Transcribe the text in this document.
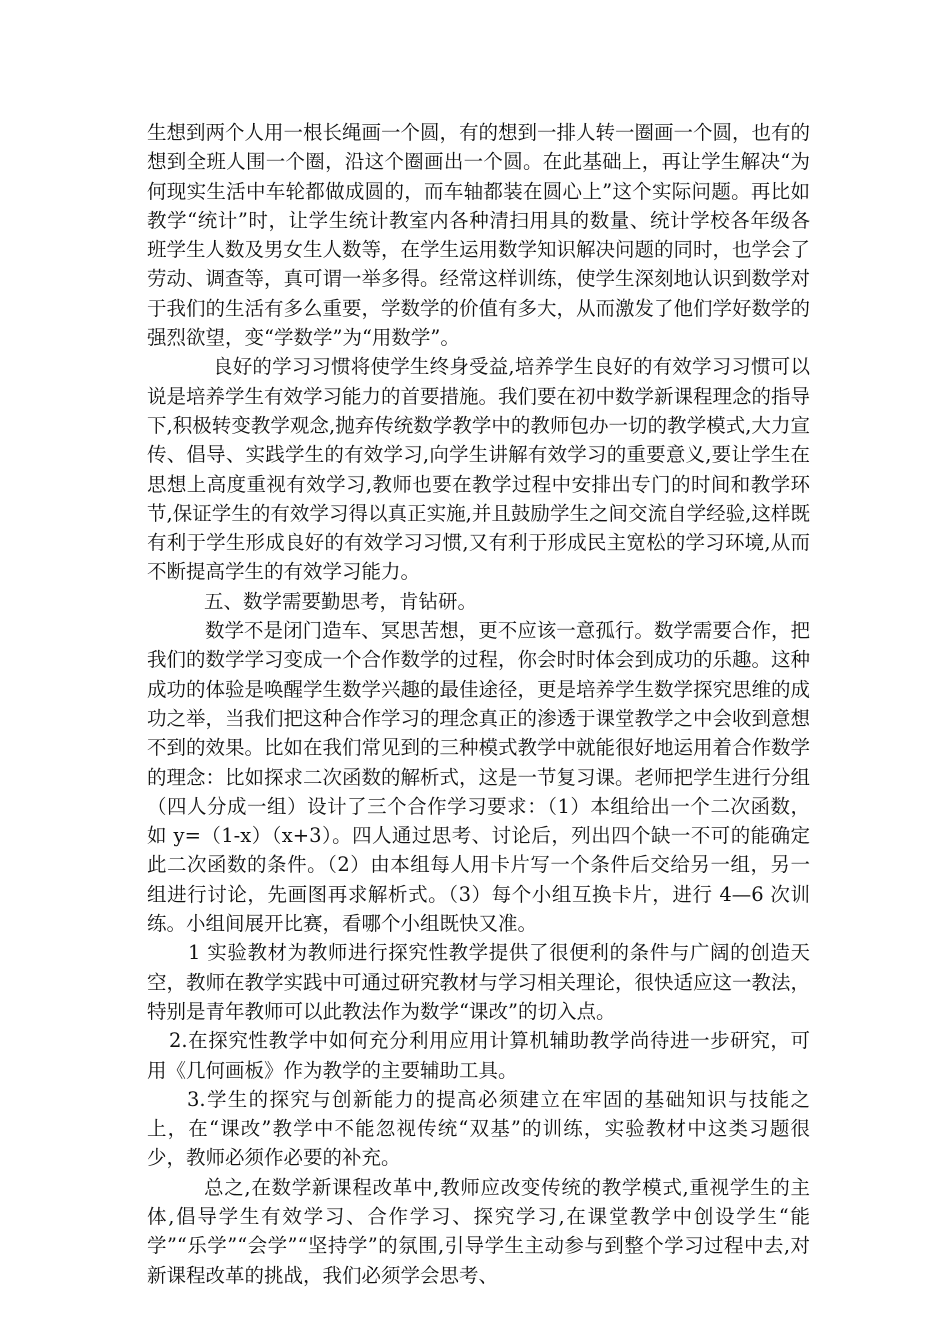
生想到两个人用一根长绳画一个圆，有的想到一排人转一圈画一个圆，也有的想到全班人围一个圈，沿这个圈画出一个圆。在此基础上，再让学生解决“为何现实生活中车轮都做成圆的，而车轴都装在圆心上”这个实际问题。再比如教学“统计”时，让学生统计教室内各种清扫用具的数量、统计学校各年级各班学生人数及男女生人数等，在学生运用数学知识解决问题的同时，也学会了劳动、调查等，真可谓一举多得。经常这样训练，使学生深刻地认识到数学对于我们的生活有多么重要，学数学的价值有多大，从而激发了他们学好数学的强烈欲望，变“学数学”为“用数学”。

良好的学习习惯将使学生终身受益,培养学生良好的有效学习习惯可以说是培养学生有效学习能力的首要措施。我们要在初中数学新课程理念的指导下,积极转变教学观念,抛弃传统数学教学中的教师包办一切的教学模式,大力宣传、倡导、实践学生的有效学习,向学生讲解有效学习的重要意义,要让学生在思想上高度重视有效学习,教师也要在教学过程中安排出专门的时间和教学环节,保证学生的有效学习得以真正实施,并且鼓励学生之间交流自学经验,这样既有利于学生形成良好的有效学习习惯,又有利于形成民主宽松的学习环境,从而不断提高学生的有效学习能力。

五、数学需要勤思考，肯钻研。

数学不是闭门造车、冥思苦想，更不应该一意孤行。数学需要合作，把我们的数学学习变成一个合作数学的过程，你会时时体会到成功的乐趣。这种成功的体验是唤醒学生数学兴趣的最佳途径，更是培养学生数学探究思维的成功之举，当我们把这种合作学习的理念真正的渗透于课堂教学之中会收到意想不到的效果。比如在我们常见到的三种模式教学中就能很好地运用着合作数学的理念：比如探求二次函数的解析式，这是一节复习课。老师把学生进行分组（四人分成一组）设计了三个合作学习要求：（1）本组给出一个二次函数，如 y=（1-x）（x+3）。四人通过思考、讨论后，列出四个缺一不可的能确定此二次函数的条件。（2）由本组每人用卡片写一个条件后交给另一组，另一组进行讨论，先画图再求解析式。（3）每个小组互换卡片，进行 4—6 次训练。小组间展开比赛，看哪个小组既快又准。

1 实验教材为教师进行探究性教学提供了很便利的条件与广阔的创造天空，教师在教学实践中可通过研究教材与学习相关理论，很快适应这一教法，特别是青年教师可以此教法作为数学“课改”的切入点。

2.在探究性教学中如何充分利用应用计算机辅助教学尚待进一步研究，可用《几何画板》作为教学的主要辅助工具。

3.学生的探究与创新能力的提高必须建立在牢固的基础知识与技能之上，在“课改”教学中不能忽视传统“双基”的训练，实验教材中这类习题很少，教师必须作必要的补充。

总之,在数学新课程改革中,教师应改变传统的教学模式,重视学生的主体,倡导学生有效学习、合作学习、探究学习,在课堂教学中创设学生“能学”“乐学”“会学”“坚持学”的氛围,引导学生主动参与到整个学习过程中去,对新课程改革的挑战，我们必须学会思考、
